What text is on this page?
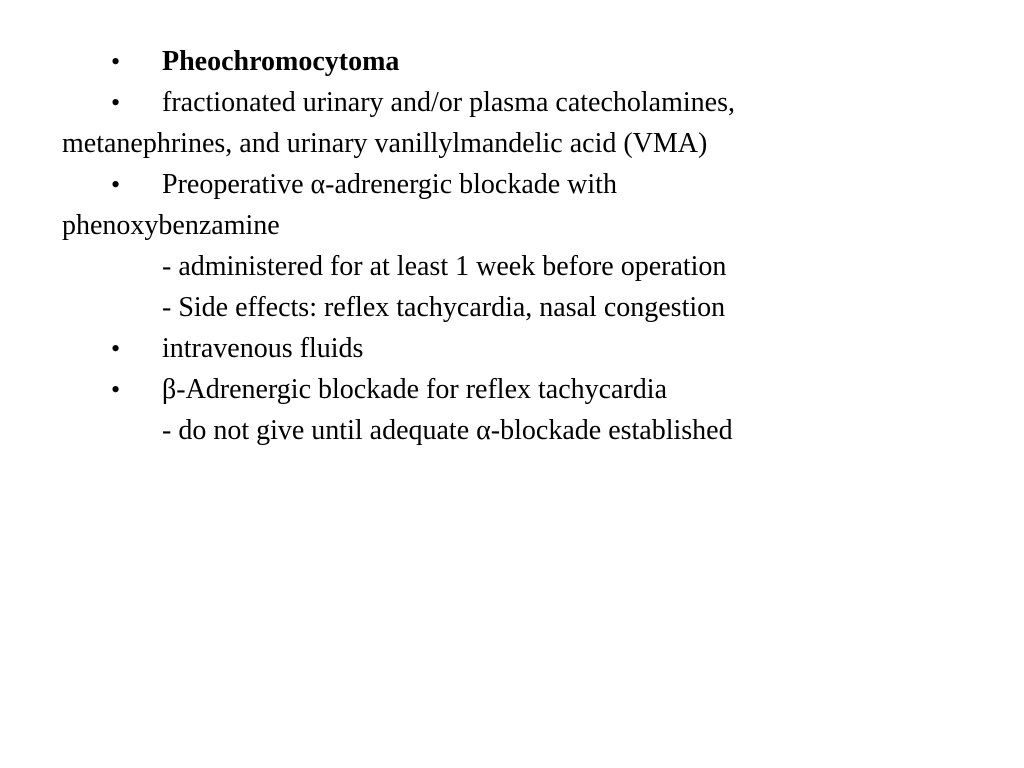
• Pheochromocytoma
• fractionated urinary and/or plasma catecholamines,
metanephrines, and urinary vanillylmandelic acid (VMA)
• Preoperative α-adrenergic blockade with
phenoxybenzamine
- administered for at least 1 week before operation
- Side effects: reflex tachycardia, nasal congestion
• intravenous fluids
• β-Adrenergic blockade for reflex tachycardia
- do not give until adequate α-blockade established
